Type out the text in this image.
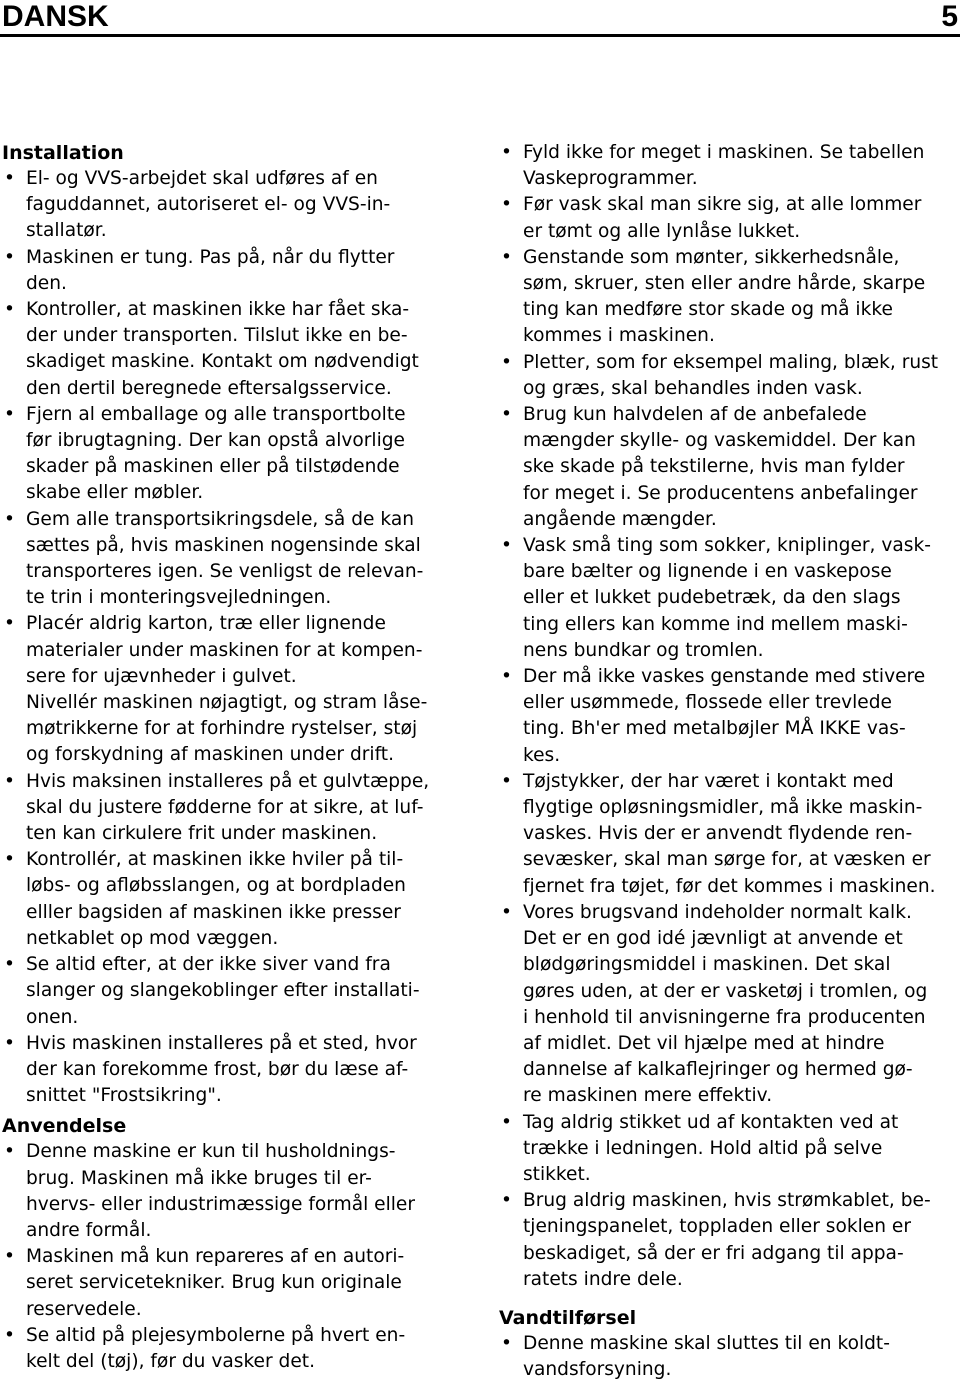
DANSK	5
Installation
• El- og VVS-arbejdet skal udføres af en
faguddannet, autoriseret el- og VVS-in-
stallatør.
• Maskinen er tung. Pas på, når du flytter
den.
• Kontroller, at maskinen ikke har fået ska-
der under transporten. Tilslut ikke en be-
skadiget maskine. Kontakt om nødvendigt
den dertil beregnede eftersalgsservice.
• Fjern al emballage og alle transportbolte
før ibrugtagning. Der kan opstå alvorlige
skader på maskinen eller på tilstødende
skabe eller møbler.
• Gem alle transportsikringsdele, så de kan
sættes på, hvis maskinen nogensinde skal
transporteres igen. Se venligst de relevan-
te trin i monteringsvejledningen.
• Placér aldrig karton, træ eller lignende
materialer under maskinen for at kompen-
sere for ujævnheder i gulvet.
Nivellér maskinen nøjagtigt, og stram låse-
møtrikkerne for at forhindre rystelser, støj
og forskydning af maskinen under drift.
• Hvis maksinen installeres på et gulvtæppe,
skal du justere fødderne for at sikre, at luf-
ten kan cirkulere frit under maskinen.
• Kontrollér, at maskinen ikke hviler på til-
løbs- og afløbsslangen, og at bordpladen
elller bagsiden af maskinen ikke presser
netkablet op mod væggen.
• Se altid efter, at der ikke siver vand fra
slanger og slangekoblinger efter installati-
onen.
• Hvis maskinen installeres på et sted, hvor
der kan forekomme frost, bør du læse af-
snittet "Frostsikring".
Anvendelse
• Denne maskine er kun til husholdnings-
brug. Maskinen må ikke bruges til er-
hvervs- eller industrimæssige formål eller
andre formål.
• Maskinen må kun repareres af en autori-
seret servicetekniker. Brug kun originale
reservedele.
• Se altid på plejesymbolerne på hvert en-
kelt del (tøj), før du vasker det.
• Fyld ikke for meget i maskinen. Se tabellen
Vaskeprogrammer.
• Før vask skal man sikre sig, at alle lommer
er tømt og alle lynlåse lukket.
• Genstande som mønter, sikkerhedsnåle,
søm, skruer, sten eller andre hårde, skarpe
ting kan medføre stor skade og må ikke
kommes i maskinen.
• Pletter, som for eksempel maling, blæk, rust
og græs, skal behandles inden vask.
• Brug kun halvdelen af de anbefalede
mængder skylle- og vaskemiddel. Der kan
ske skade på tekstilerne, hvis man fylder
for meget i. Se producentens anbefalinger
angående mængder.
• Vask små ting som sokker, kniplinger, vask-
bare bælter og lignende i en vaskepose
eller et lukket pudebetræk, da den slags
ting ellers kan komme ind mellem maski-
nens bundkar og tromlen.
• Der må ikke vaskes genstande med stivere
eller usømmede, flossede eller trevlede
ting. Bh'er med metalbøjler MÅ IKKE vas-
kes.
• Tøjstykker, der har været i kontakt med
flygtige opløsningsmidler, må ikke maskin-
vaskes. Hvis der er anvendt flydende ren-
sevæsker, skal man sørge for, at væsken er
fjernet fra tøjet, før det kommes i maskinen.
• Vores brugsvand indeholder normalt kalk.
Det er en god idé jævnligt at anvende et
blødgøringsmiddel i maskinen. Det skal
gøres uden, at der er vasketøj i tromlen, og
i henhold til anvisningerne fra producenten
af midlet. Det vil hjælpe med at hindre
dannelse af kalkaflejringer og hermed gø-
re maskinen mere effektiv.
• Tag aldrig stikket ud af kontakten ved at
trække i ledningen. Hold altid på selve
stikket.
• Brug aldrig maskinen, hvis strømkablet, be-
tjeningspanelet, toppladen eller soklen er
beskadiget, så der er fri adgang til appa-
ratets indre dele.
Vandtilførsel
• Denne maskine skal sluttes til en koldt-
vandsforsyning.
